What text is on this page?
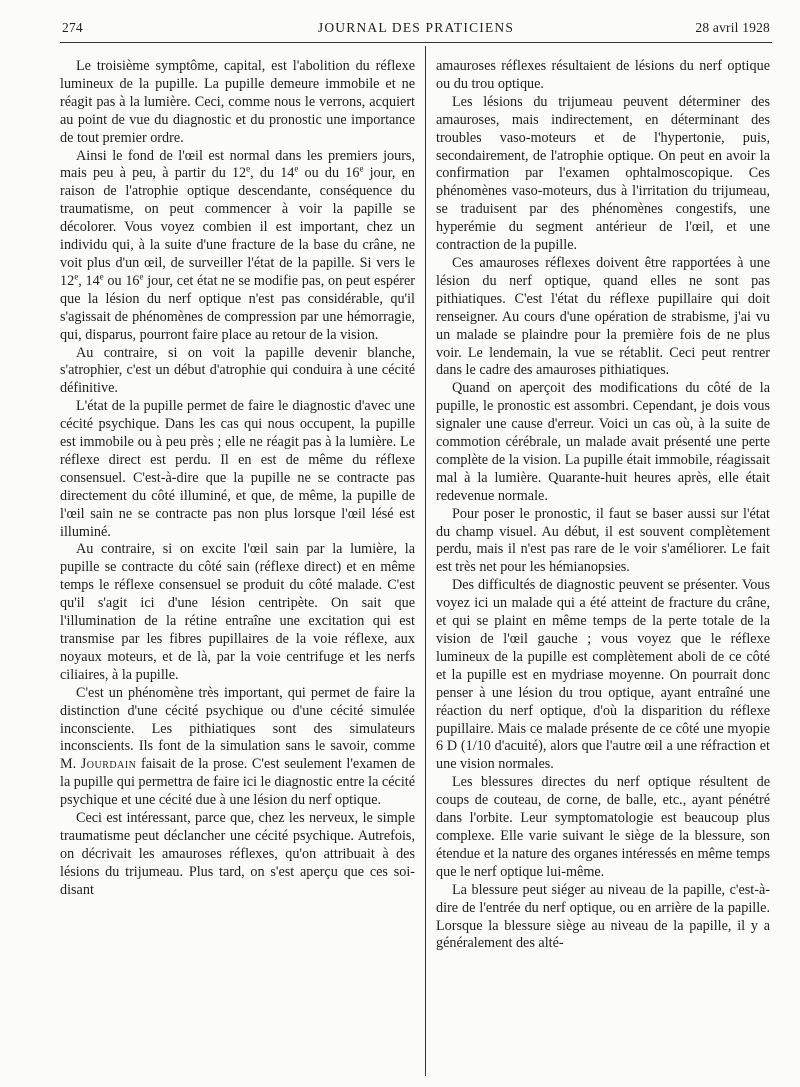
274	JOURNAL DES PRATICIENS	28 avril 1928

Le troisième symptôme, capital, est l'abolition du réflexe lumineux de la pupille. La pupille demeure immobile et ne réagit pas à la lumière. Ceci, comme nous le verrons, acquiert au point de vue du diagnostic et du pronostic une importance de tout premier ordre.

Ainsi le fond de l'œil est normal dans les premiers jours, mais peu à peu, à partir du 12e, du 14e ou du 16e jour, en raison de l'atrophie optique descendante, conséquence du traumatisme, on peut commencer à voir la papille se décolorer. Vous voyez combien il est important, chez un individu qui, à la suite d'une fracture de la base du crâne, ne voit plus d'un œil, de surveiller l'état de la papille. Si vers le 12e, 14e ou 16e jour, cet état ne se modifie pas, on peut espérer que la lésion du nerf optique n'est pas considérable, qu'il s'agissait de phénomènes de compression par une hémorragie, qui, disparus, pourront faire place au retour de la vision.

Au contraire, si on voit la papille devenir blanche, s'atrophier, c'est un début d'atrophie qui conduira à une cécité définitive.

L'état de la pupille permet de faire le diagnostic d'avec une cécité psychique. Dans les cas qui nous occupent, la pupille est immobile ou à peu près ; elle ne réagit pas à la lumière. Le réflexe direct est perdu. Il en est de même du réflexe consensuel. C'est-à-dire que la pupille ne se contracte pas directement du côté illuminé, et que, de même, la pupille de l'œil sain ne se contracte pas non plus lorsque l'œil lésé est illuminé.

Au contraire, si on excite l'œil sain par la lumière, la pupille se contracte du côté sain (réflexe direct) et en même temps le réflexe consensuel se produit du côté malade. C'est qu'il s'agit ici d'une lésion centripète. On sait que l'illumination de la rétine entraîne une excitation qui est transmise par les fibres pupillaires de la voie réflexe, aux noyaux moteurs, et de là, par la voie centrifuge et les nerfs ciliaires, à la pupille.

C'est un phénomène très important, qui permet de faire la distinction d'une cécité psychique ou d'une cécité simulée inconsciente. Les pithiatiques sont des simulateurs inconscients. Ils font de la simulation sans le savoir, comme M. Jourdain faisait de la prose. C'est seulement l'examen de la pupille qui permettra de faire ici le diagnostic entre la cécité psychique et une cécité due à une lésion du nerf optique.

Ceci est intéressant, parce que, chez les nerveux, le simple traumatisme peut déclancher une cécité psychique. Autrefois, on décrivait les amauroses réflexes, qu'on attribuait à des lésions du trijumeau. Plus tard, on s'est aperçu que ces soi-disant

amauroses réflexes résultaient de lésions du nerf optique ou du trou optique.

Les lésions du trijumeau peuvent déterminer des amauroses, mais indirectement, en déterminant des troubles vaso-moteurs et de l'hypertonie, puis, secondairement, de l'atrophie optique. On peut en avoir la confirmation par l'examen ophtalmoscopique. Ces phénomènes vaso-moteurs, dus à l'irritation du trijumeau, se traduisent par des phénomènes congestifs, une hyperémie du segment antérieur de l'œil, et une contraction de la pupille.

Ces amauroses réflexes doivent être rapportées à une lésion du nerf optique, quand elles ne sont pas pithiatiques. C'est l'état du réflexe pupillaire qui doit renseigner. Au cours d'une opération de strabisme, j'ai vu un malade se plaindre pour la première fois de ne plus voir. Le lendemain, la vue se rétablit. Ceci peut rentrer dans le cadre des amauroses pithiatiques.

Quand on aperçoit des modifications du côté de la pupille, le pronostic est assombri. Cependant, je dois vous signaler une cause d'erreur. Voici un cas où, à la suite de commotion cérébrale, un malade avait présenté une perte complète de la vision. La pupille était immobile, réagissait mal à la lumière. Quarante-huit heures après, elle était redevenue normale.

Pour poser le pronostic, il faut se baser aussi sur l'état du champ visuel. Au début, il est souvent complètement perdu, mais il n'est pas rare de le voir s'améliorer. Le fait est très net pour les hémianopsies.

Des difficultés de diagnostic peuvent se présenter. Vous voyez ici un malade qui a été atteint de fracture du crâne, et qui se plaint en même temps de la perte totale de la vision de l'œil gauche ; vous voyez que le réflexe lumineux de la pupille est complètement aboli de ce côté et la pupille est en mydriase moyenne. On pourrait donc penser à une lésion du trou optique, ayant entraîné une réaction du nerf optique, d'où la disparition du réflexe pupillaire. Mais ce malade présente de ce côté une myopie 6 D (1/10 d'acuité), alors que l'autre œil a une réfraction et une vision normales.

Les blessures directes du nerf optique résultent de coups de couteau, de corne, de balle, etc., ayant pénétré dans l'orbite. Leur symptomatologie est beaucoup plus complexe. Elle varie suivant le siège de la blessure, son étendue et la nature des organes intéressés en même temps que le nerf optique lui-même.

La blessure peut siéger au niveau de la papille, c'est-à-dire de l'entrée du nerf optique, ou en arrière de la papille. Lorsque la blessure siège au niveau de la papille, il y a généralement des alté-
